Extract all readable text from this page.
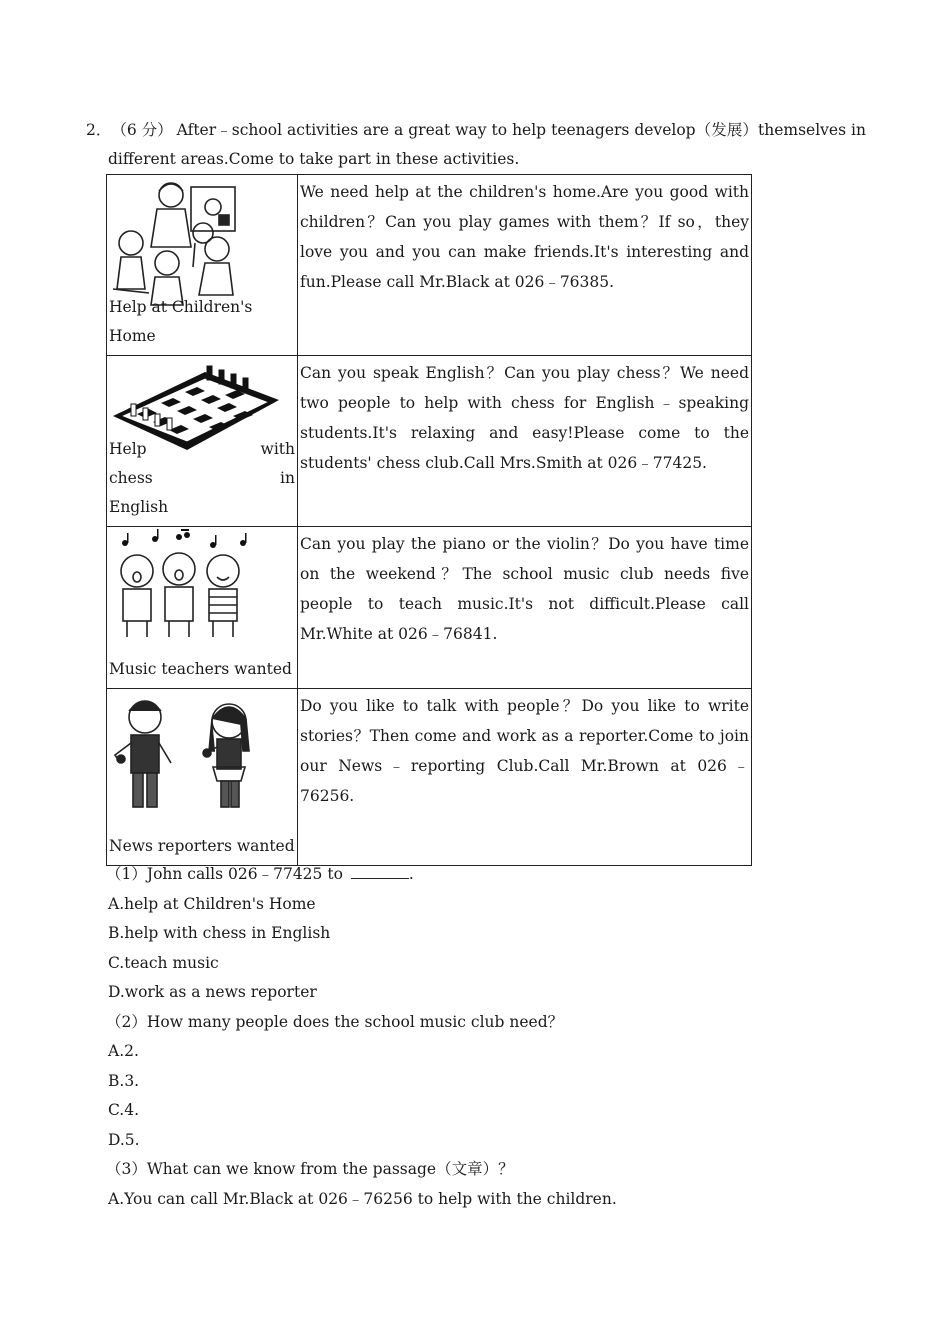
2． （6 分） After﹣school activities are a great way to help teenagers develop（发展）themselves in
different areas.Come to take part in these activities.
Help at Children's Home	We need help at the children's home.Are you good with children？Can you play games with them？If so，they love you and you can make friends.It's interesting and fun.Please call Mr.Black at 026﹣76385.

Help with chess in English	Can you speak English？Can you play chess？We need two people to help with chess for English﹣speaking students.It's relaxing and easy!Please come to the students' chess club.Call Mrs.Smith at 026﹣77425.

Music teachers wanted	Can you play the piano or the violin？Do you have time on the weekend？The school music club needs five people to teach music.It's not difficult.Please call Mr.White at 026﹣76841.

News reporters wanted	Do you like to talk with people？Do you like to write stories？Then come and work as a reporter.Come to join our News﹣reporting Club.Call Mr.Brown at 026﹣76256.
（1）John calls 026﹣77425 to	.
A.help at Children's Home
B.help with chess in English
C.teach music
D.work as a news reporter
（2）How many people does the school music club need？
A.2.
B.3.
C.4.
D.5.
（3）What can we know from the passage（文章）？
A.You can call Mr.Black at 026﹣76256 to help with the children.
